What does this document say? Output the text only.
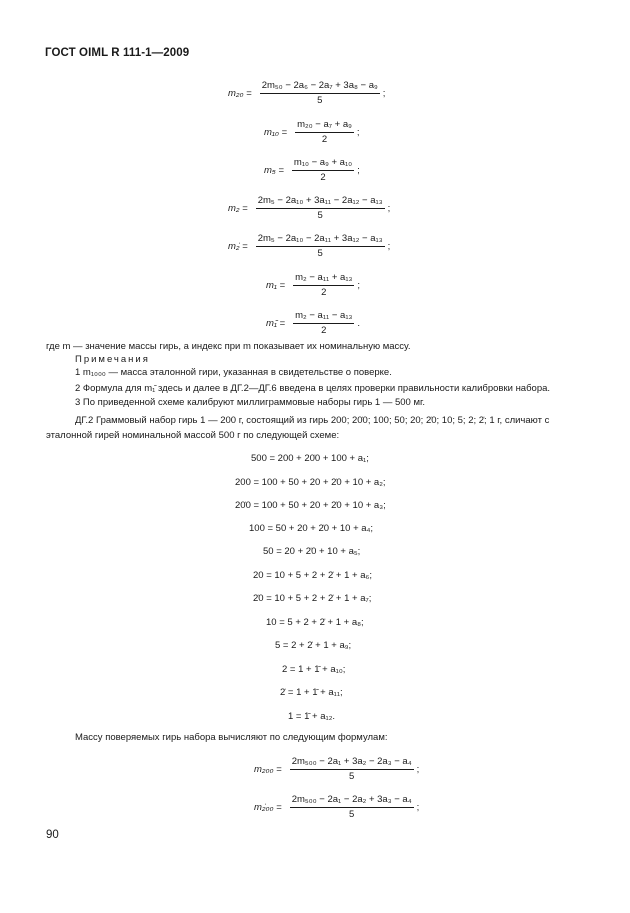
ГОСТ OIML R 111-1—2009
$m_{20} = \frac{\text{2m₅₀ − 2a₆ − 2a₇ + 3a₈ − a₉}}{5}$ ;
$m_{10} = \frac{\text{m₂₀ − a₇ + a₉}}{2}$ ;
$m_5 = \frac{\text{m₁₀ − a₉ + a₁₀}}{2}$ ;
$m_2 = \frac{\text{2m₅ − 2a₁₀ + 3a₁₁ − 2a₁₂ − a₁₃}}{5}$ ;
m₂̇ = $\frac{\text{2m₅ − 2a₁₀ − 2a₁₁ + 3a₁₂ − a₁₃}}{5}$ ;
$m_1 = \frac{\text{m₂ − a₁₁ + a₁₃}}{2}$ ;
m₁̄ = $\frac{\text{m₂ − a₁₁ − a₁₃}}{2}$ .
где m — значение массы гирь, а индекс при m показывает их номинальную массу.
Примечания
1 m₁₀₀₀ — масса эталонной гири, указанная в свидетельстве о поверке.
2 Формула для m₁̄ здесь и далее в ДГ.2—ДГ.6 введена в целях проверки правильности калибровки набора.
3 По приведенной схеме калибруют миллиграммовые наборы гирь 1 — 500 мг.
ДГ.2 Граммовый набор гирь 1 — 200 г, состоящий из гирь 200; 20̇0; 100; 50; 20; 2̇0; 10; 5; 2; 2̇; 1 г, сличают с
эталонной гирей номинальной массой 500 г по следующей схеме:
500 = 200 + 20̇0 + 100 + a₁;
200 = 100 + 50 + 20 + 2̇0 + 10 + a₂;
20̇0 = 100 + 50 + 20 + 2̇0 + 10 + a₃;
100 = 50 + 20 + 2̇0 + 10 + a₄;
50 = 20 + 2̇0 + 10 + a₅;
20 = 10 + 5 + 2 + 2̇ + 1 + a₆;
2̇0 = 10 + 5 + 2 + 2̇ + 1 + a₇;
10 = 5 + 2 + 2̇ + 1 + a₈;
5 = 2 + 2̇ + 1 + a₉;
2 = 1 + 1̄ + a₁₀;
2̇ = 1 + 1̄ + a₁₁;
1 = 1̄ + a₁₂.
Массу поверяемых гирь набора вычисляют по следующим формулам:
$m_{200} = \frac{\text{2m₅₀₀ − 2a₁ + 3a₂ − 2a₃ − a₄}}{5}$ ;
m₂̇₀₀ = $\frac{\text{2m₅₀₀ − 2a₁ − 2a₂ + 3a₃ − a₄}}{5}$ ;
90
